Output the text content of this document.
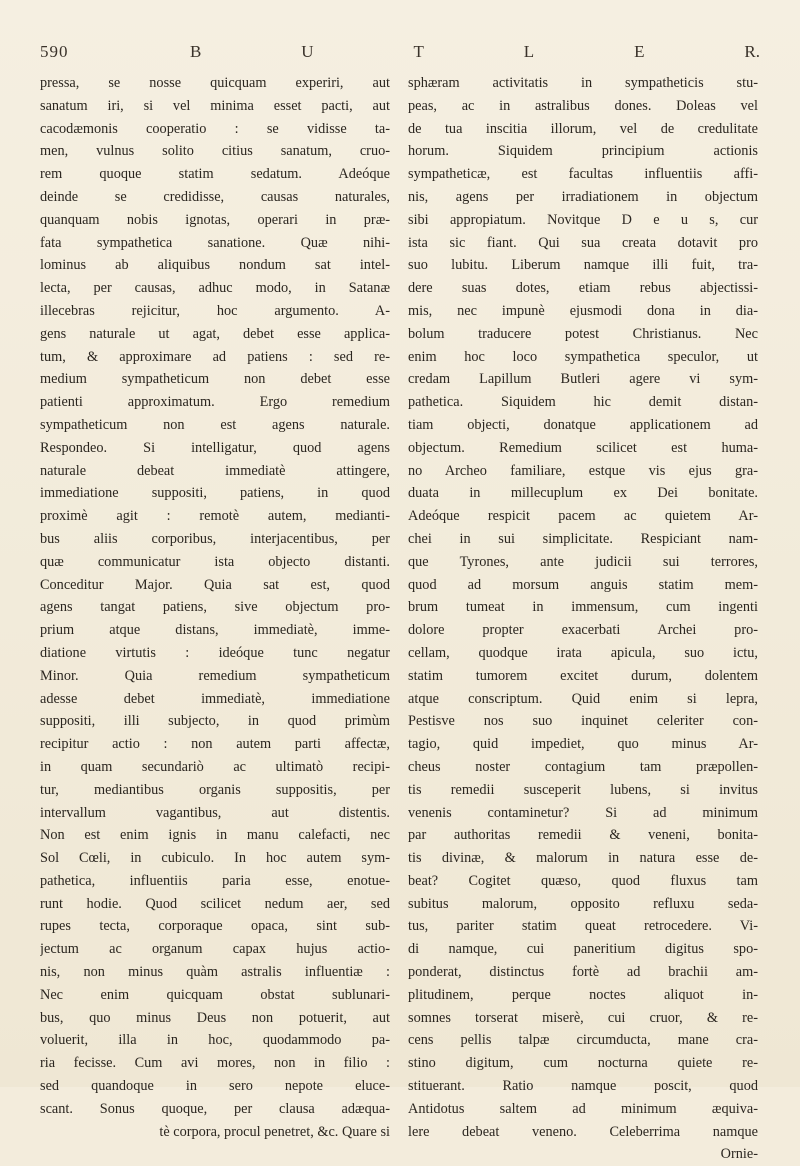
590	B	U	T	L	E	R.
pressa, se nosse quicquam experiri, aut
sanatum iri, si vel minima esset pacti, aut
cacodæmonis cooperatio : se vidisse ta-
men, vulnus solito citius sanatum, cruo-
rem quoque statim sedatum. Adeóque
deinde se credidisse, causas naturales,
quanquam nobis ignotas, operari in præ-
fata sympathetica sanatione. Quæ nihi-
lominus ab aliquibus nondum sat intel-
lecta, per causas, adhuc modo, in Satanæ
illecebras rejicitur, hoc argumento. A-
gens naturale ut agat, debet esse applica-
tum, & approximare ad patiens : sed re-
medium sympatheticum non debet esse
patienti approximatum. Ergo remedium
sympatheticum non est agens naturale.
Respondeo. Si intelligatur, quod agens
naturale debeat immediatè attingere,
immediatione suppositi, patiens, in quod
proximè agit : remotè autem, medianti-
bus aliis corporibus, interjacentibus, per
quæ communicatur ista objecto distanti.
Conceditur Major. Quia sat est, quod
agens tangat patiens, sive objectum pro-
prium atque distans, immediatè, imme-
diatione virtutis : ideóque tunc negatur
Minor. Quia remedium sympatheticum
adesse debet immediatè, immediatione
suppositi, illi subjecto, in quod primùm
recipitur actio : non autem parti affectæ,
in quam secundariò ac ultimatò recipi-
tur, mediantibus organis suppositis, per
intervallum vagantibus, aut distentis.
Non est enim ignis in manu calefacti, nec
Sol Cœli, in cubiculo. In hoc autem sym-
pathetica, influentiis paria esse, enotue-
runt hodie. Quod scilicet nedum aer, sed
rupes tecta, corporaque opaca, sint sub-
jectum ac organum capax hujus actio-
nis, non minus quàm astralis influentiæ :
Nec enim quicquam obstat sublunari-
bus, quo minus Deus non potuerit, aut
voluerit, illa in hoc, quodammodo pa-
ria fecisse. Cum avi mores, non in filio :
sed quandoque in sero nepote eluce-
scant. Sonus quoque, per clausa adæqua-
tè corpora, procul penetret, &c. Quare si
sphæram activitatis in sympatheticis stu-
peas, ac in astralibus dones. Doleas vel
de tua inscitia illorum, vel de credulitate
horum. Siquidem principium actionis
sympatheticæ, est facultas influentiis affi-
nis, agens per irradiationem in objectum
sibi appropiatum. Novitque D e u s, cur
ista sic fiant. Qui sua creata dotavit pro
suo lubitu. Liberum namque illi fuit, tra-
dere suas dotes, etiam rebus abjectissi-
mis, nec impunè ejusmodi dona in dia-
bolum traducere potest Christianus. Nec
enim hoc loco sympathetica speculor, ut
credam Lapillum Butleri agere vi sym-
pathetica. Siquidem hic demit distan-
tiam objecti, donatque applicationem ad
objectum. Remedium scilicet est huma-
no Archeo familiare, estque vis ejus gra-
duata in millecuplum ex Dei bonitate.
Adeóque respicit pacem ac quietem Ar-
chei in sui simplicitate. Respiciant nam-
que Tyrones, ante judicii sui terrores,
quod ad morsum anguis statim mem-
brum tumeat in immensum, cum ingenti
dolore propter exacerbati Archei pro-
cellam, quodque irata apicula, suo ictu,
statim tumorem excitet durum, dolentem
atque conscriptum. Quid enim si lepra,
Pestisve nos suo inquinet celeriter con-
tagio, quid impediet, quo minus Ar-
cheus noster contagium tam præpollen-
tis remedii susceperit lubens, si invitus
venenis contaminetur? Si ad minimum
par authoritas remedii & veneni, bonita-
tis divinæ, & malorum in natura esse de-
beat? Cogitet quæso, quod fluxus tam
subitus malorum, opposito refluxu seda-
tus, pariter statim queat retrocedere. Vi-
di namque, cui paneritium digitus spo-
ponderat, distinctus fortè ad brachii am-
plitudinem, perque noctes aliquot in-
somnes torserat miserè, cui cruor, & re-
cens pellis talpæ circumducta, mane cra-
stino digitum, cum nocturna quiete re-
stituerant. Ratio namque poscit, quod
Antidotus saltem ad minimum æquiva-
lere debeat veneno. Celeberrima namque
Ornie-
